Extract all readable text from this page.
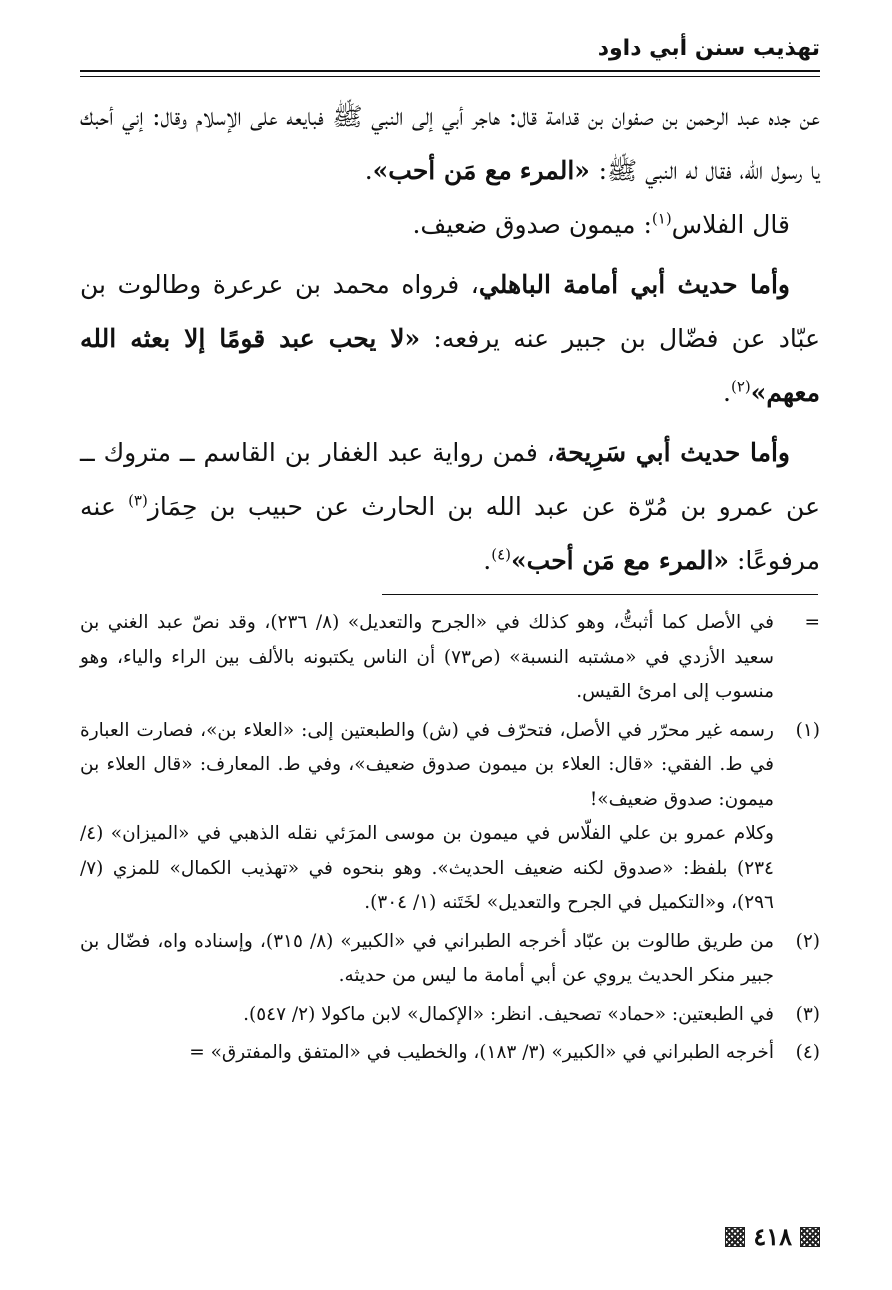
تهذيب سنن أبي داود

عن جده عبد الرحمن بن صفوان بن قدامة قال: هاجر أبي إلى النبي ﷺ فبايعه على الإسلام وقال: إني أحبك يا رسول الله، فقال له النبي ﷺ: «المرء مع مَن أحب».

قال الفلاس$^{(١)}$: ميمون صدوق ضعيف.

وأما حديث أبي أمامة الباهلي، فرواه محمد بن عرعرة وطالوت بن عبّاد عن فضّال بن جبير عنه يرفعه: «لا يحب عبد قومًا إلا بعثه الله معهم»$^{(٢)}$.

وأما حديث أبي سَرِيحة، فمن رواية عبد الغفار بن القاسم ــ متروك ــ عن عمرو بن مُرّة عن عبد الله بن الحارث عن حبيب بن حِمَاز$^{(٣)}$ عنه مرفوعًا: «المرء مع مَن أحب»$^{(٤)}$.

=

في الأصل كما أثبتُّ، وهو كذلك في «الجرح والتعديل» (٨/ ٢٣٦)، وقد نصّ عبد الغني بن سعيد الأزدي في «مشتبه النسبة» (ص٧٣) أن الناس يكتبونه بالألف بين الراء والياء، وهو منسوب إلى امرئ القيس.

(١)

رسمه غير محرّر في الأصل، فتحرّف في (ش) والطبعتين إلى: «العلاء بن»، فصارت العبارة في ط. الفقي: «قال: العلاء بن ميمون صدوق ضعيف»، وفي ط. المعارف: «قال العلاء بن ميمون: صدوق ضعيف»!

وكلام عمرو بن علي الفلّاس في ميمون بن موسى المرَئي نقله الذهبي في «الميزان» (٤/ ٢٣٤) بلفظ: «صدوق لكنه ضعيف الحديث». وهو بنحوه في «تهذيب الكمال» للمزي (٧/ ٢٩٦)، و«التكميل في الجرح والتعديل» لخَتَنه (١/ ٣٠٤).

(٢)

من طريق طالوت بن عبّاد أخرجه الطبراني في «الكبير» (٨/ ٣١٥)، وإسناده واه، فضّال بن جبير منكر الحديث يروي عن أبي أمامة ما ليس من حديثه.

(٣)

في الطبعتين: «حماد» تصحيف. انظر: «الإكمال» لابن ماكولا (٢/ ٥٤٧).

(٤)

أخرجه الطبراني في «الكبير» (٣/ ١٨٣)، والخطيب في «المتفق والمفترق» =

٤١٨
